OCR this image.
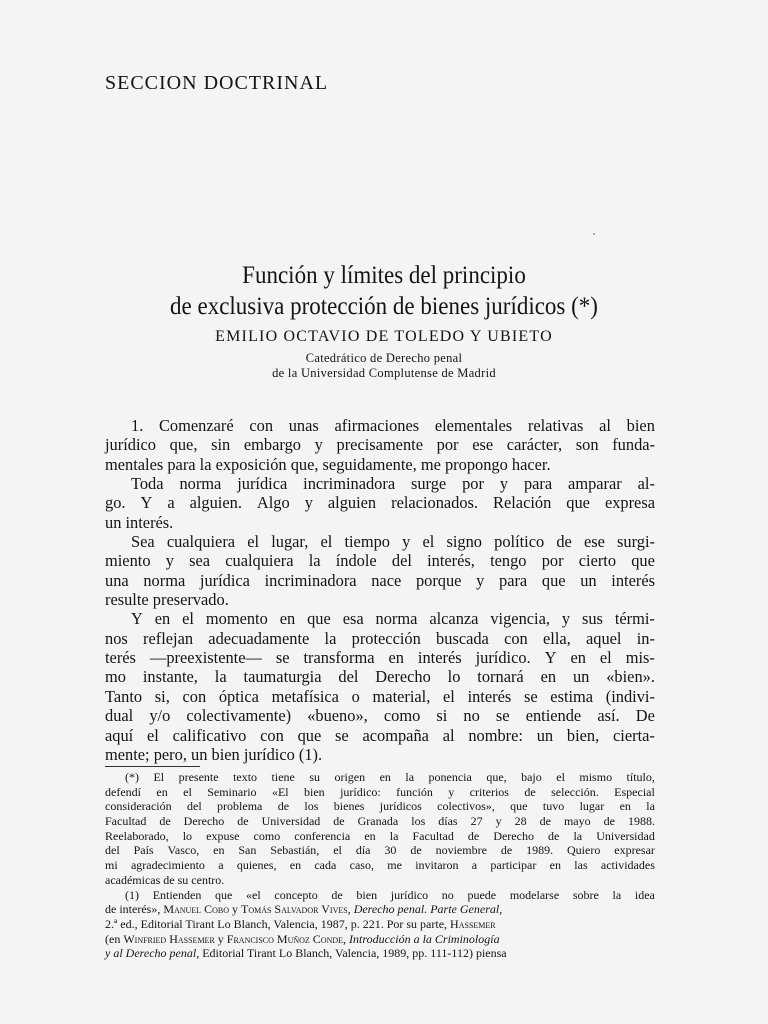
SECCION DOCTRINAL
Función y límites del principio
de exclusiva protección de bienes jurídicos (*)
EMILIO OCTAVIO DE TOLEDO Y UBIETO
Catedrático de Derecho penal
de la Universidad Complutense de Madrid
1. Comenzaré con unas afirmaciones elementales relativas al bien
jurídico que, sin embargo y precisamente por ese carácter, son funda-
mentales para la exposición que, seguidamente, me propongo hacer.
Toda norma jurídica incriminadora surge por y para amparar al-
go. Y a alguien. Algo y alguien relacionados. Relación que expresa
un interés.
Sea cualquiera el lugar, el tiempo y el signo político de ese surgi-
miento y sea cualquiera la índole del interés, tengo por cierto que
una norma jurídica incriminadora nace porque y para que un interés
resulte preservado.
Y en el momento en que esa norma alcanza vigencia, y sus térmi-
nos reflejan adecuadamente la protección buscada con ella, aquel in-
terés —preexistente— se transforma en interés jurídico. Y en el mis-
mo instante, la taumaturgia del Derecho lo tornará en un «bien».
Tanto si, con óptica metafísica o material, el interés se estima (indivi-
dual y/o colectivamente) «bueno», como si no se entiende así. De
aquí el calificativo con que se acompaña al nombre: un bien, cierta-
mente; pero, un bien jurídico (1).
(*) El presente texto tiene su origen en la ponencia que, bajo el mismo título,
defendí en el Seminario «El bien jurídico: función y criterios de selección. Especial
consideración del problema de los bienes jurídicos colectivos», que tuvo lugar en la
Facultad de Derecho de Universidad de Granada los días 27 y 28 de mayo de 1988.
Reelaborado, lo expuse como conferencia en la Facultad de Derecho de la Universidad
del País Vasco, en San Sebastián, el día 30 de noviembre de 1989. Quiero expresar
mi agradecimiento a quienes, en cada caso, me invitaron a participar en las actividades
académicas de su centro.
(1) Entienden que «el concepto de bien jurídico no puede modelarse sobre la idea
de interés», Manuel Cobo y Tomás Salvador Vives , Derecho penal. Parte General,
2.ª ed., Editorial Tirant Lo Blanch, Valencia, 1987, p. 221. Por su parte, Hassemer
(en Winfried Hassemer y Francisco Muñoz Conde , Introducción a la Criminología
y al Derecho penal, Editorial Tirant Lo Blanch, Valencia, 1989, pp. 111-112) piensa
